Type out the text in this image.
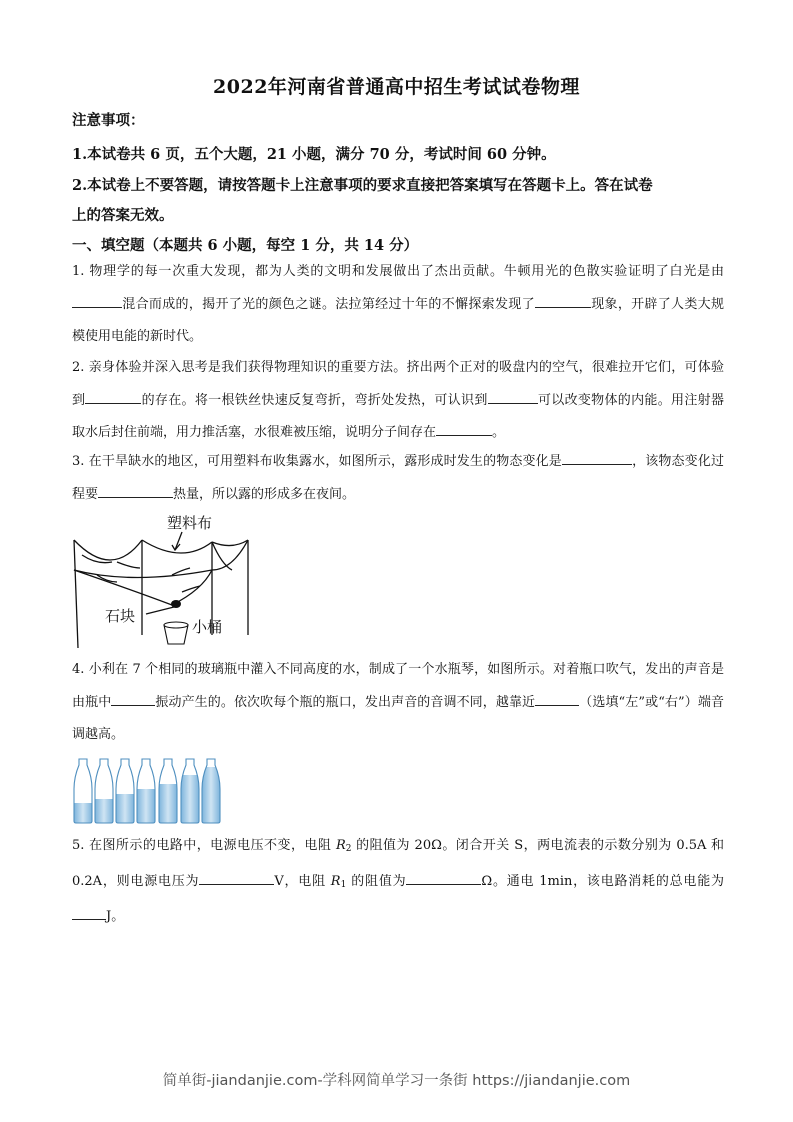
2022年河南省普通高中招生考试试卷物理
注意事项：
1.本试卷共 6 页，五个大题，21 小题，满分 70 分，考试时间 60 分钟。
2.本试卷上不要答题，请按答题卡上注意事项的要求直接把答案填写在答题卡上。答在试卷
上的答案无效。
一、填空题（本题共 6 小题，每空 1 分，共 14 分）
1. 物理学的每一次重大发现，都为人类的文明和发展做出了杰出贡献。牛顿用光的色散实验证明了白光是由混合而成的，揭开了光的颜色之谜。法拉第经过十年的不懈探索发现了	现象，开辟了人类大规模使用电能的新时代。
2. 亲身体验并深入思考是我们获得物理知识的重要方法。挤出两个正对的吸盘内的空气，很难拉开它们，可体验到	的存在。将一根铁丝快速反复弯折，弯折处发热，可认识到	可以改变物体的内能。用注射器取水后封住前端，用力推活塞，水很难被压缩，说明分子间存在	。
3. 在干旱缺水的地区，可用塑料布收集露水，如图所示，露形成时发生的物态变化是	，该物态变化过程要	热量，所以露的形成多在夜间。
塑料布
石块
小桶
4. 小利在 7 个相同的玻璃瓶中灌入不同高度的水，制成了一个水瓶琴，如图所示。对着瓶口吹气，发出的声音是由瓶中	振动产生的。依次吹每个瓶的瓶口，发出声音的音调不同，越靠近	（选填“左”或“右”）端音调越高。
5. 在图所示的电路中，电源电压不变，电阻 $R_2$ 的阻值为 20Ω。闭合开关 S，两电流表的示数分别为 0.5A 和 0.2A，则电源电压为	V，电阻 $R_1$ 的阻值为	Ω。通电 1min，该电路消耗的总电能为J。
简单街-jiandanjie.com-学科网简单学习一条街 https://jiandanjie.com
